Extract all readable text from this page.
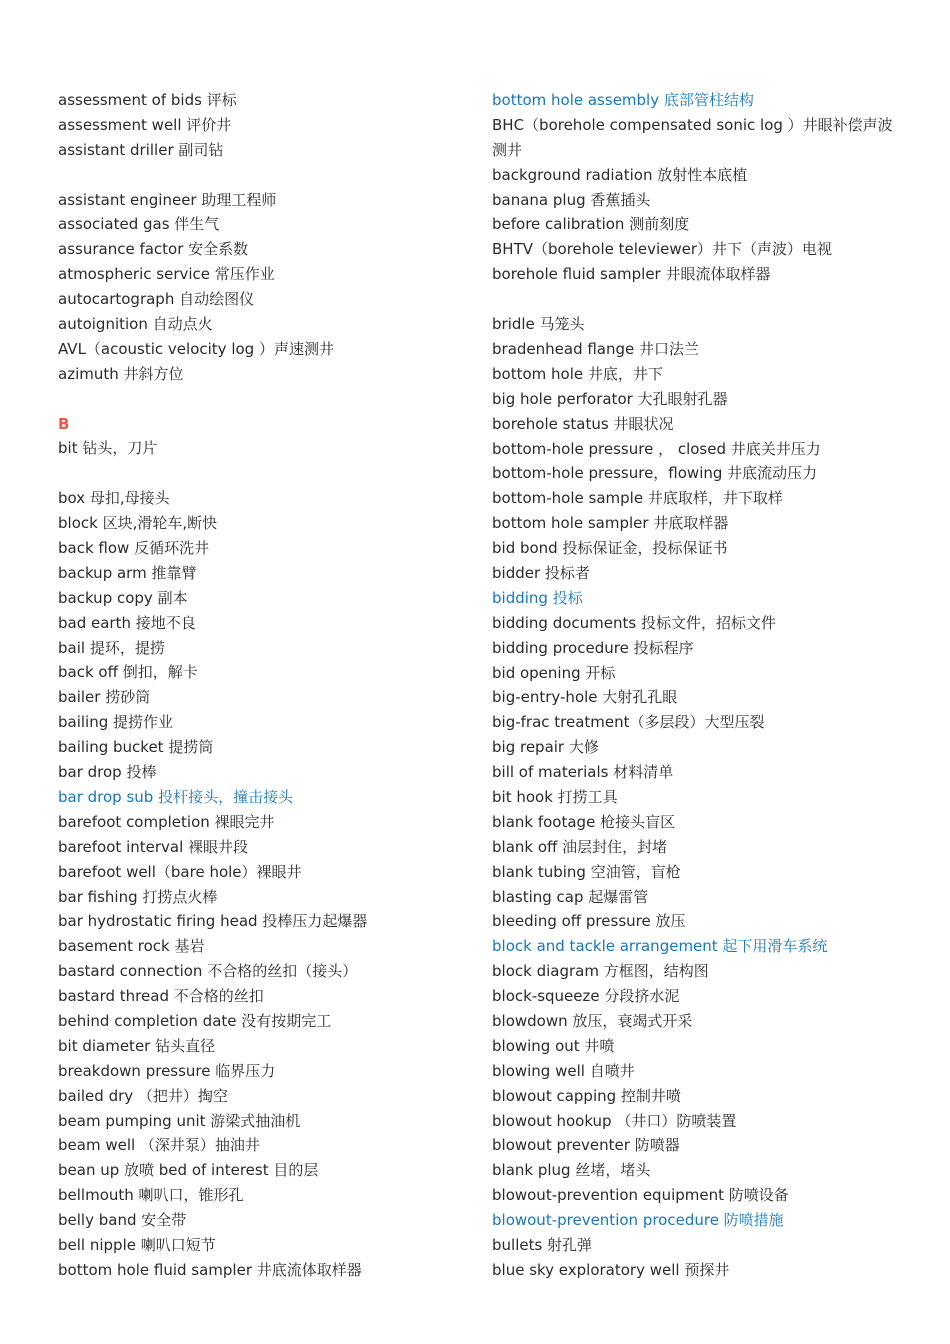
assessment of bids 评标
assessment well 评价井
assistant driller 副司钻
assistant engineer 助理工程师
associated gas 伴生气
assurance factor 安全系数
atmospheric service 常压作业
autocartograph 自动绘图仪
autoignition 自动点火
AVL（acoustic velocity log ）声速测井
azimuth 井斜方位
B
bit 钻头，刀片
box 母扣,母接头
block 区块,滑轮车,断快
back flow 反循环洗井
backup arm 推靠臂
backup copy 副本
bad earth 接地不良
bail 提环，提捞
back off 倒扣，解卡
bailer 捞砂筒
bailing 提捞作业
bailing bucket 提捞筒
bar drop 投棒
bar drop sub 投杆接头，撞击接头
barefoot completion 裸眼完井
barefoot interval 裸眼井段
barefoot well（bare hole）裸眼井
bar fishing 打捞点火棒
bar hydrostatic firing head 投棒压力起爆器
basement rock 基岩
bastard connection 不合格的丝扣（接头）
bastard thread 不合格的丝扣
behind completion date 没有按期完工
bit diameter 钻头直径
breakdown pressure 临界压力
bailed dry （把井）掏空
beam pumping unit 游梁式抽油机
beam well （深井泵）抽油井
bean up 放喷 bed of interest 目的层
bellmouth 喇叭口，锥形孔
belly band 安全带
bell nipple 喇叭口短节
bottom hole fluid sampler 井底流体取样器
bottom hole assembly 底部管柱结构
BHC（borehole compensated sonic log ）井眼补偿声波测井
background radiation 放射性本底植
banana plug 香蕉插头
before calibration 测前刻度
BHTV（borehole televiewer）井下（声波）电视
borehole fluid sampler 井眼流体取样器
bridle 马笼头
bradenhead flange 井口法兰
bottom hole 井底，井下
big hole perforator 大孔眼射孔器
borehole status 井眼状况
bottom-hole pressure ， closed 井底关井压力
bottom-hole pressure，flowing 井底流动压力
bottom-hole sample 井底取样，井下取样
bottom hole sampler 井底取样器
bid bond 投标保证金，投标保证书
bidder 投标者
bidding 投标
bidding documents 投标文件，招标文件
bidding procedure 投标程序
bid opening 开标
big-entry-hole 大射孔孔眼
big-frac treatment（多层段）大型压裂
big repair 大修
bill of materials 材料清单
bit hook 打捞工具
blank footage 枪接头盲区
blank off 油层封住，封堵
blank tubing 空油管，盲枪
blasting cap 起爆雷管
bleeding off pressure 放压
block and tackle arrangement 起下用滑车系统
block diagram 方框图，结构图
block-squeeze 分段挤水泥
blowdown 放压，衰竭式开采
blowing out 井喷
blowing well 自喷井
blowout capping 控制井喷
blowout hookup （井口）防喷装置
blowout preventer 防喷器
blank plug 丝堵，堵头
blowout-prevention equipment 防喷设备
blowout-prevention procedure 防喷措施
bullets 射孔弹
blue sky exploratory well 预探井
